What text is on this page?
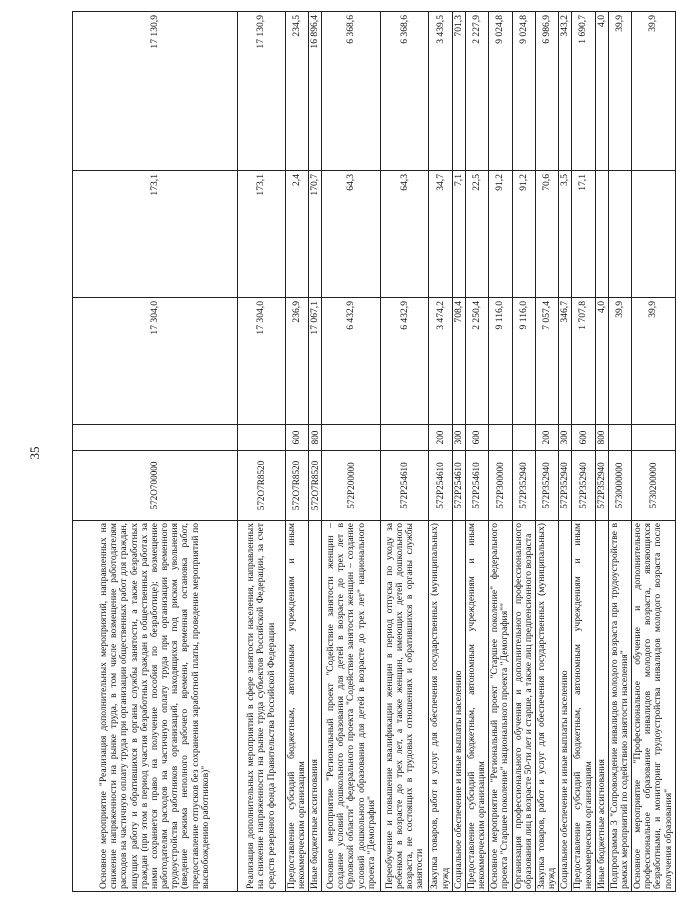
35
Основное мероприятие "Реализация дополнительных мероприятий, направленных на снижение напряженности на рынке труда, в том числе возмещение работодателям расходов на частичную оплату труда при организации общественных работ для граждан, ищущих работу и обратившихся в органы службы занятости, а также безработных граждан (при этом в период участия безработных граждан в общественных работах за ними сохраняется право на получение пособия по безработице); возмещение работодателям расходов на частичную оплату труда при организации временного трудоустройства работников организаций, находящихся под риском увольнения (введение режима неполного рабочего времени, временная остановка работ, предоставление отпусков без сохранения заработной платы, проведение мероприятий по высвобождению работников)"	572О700000		17 304,0	173,1	17 130,9
Реализация дополнительных мероприятий в сфере занятости населения, направленных на снижение напряженности на рынке труда субъектов Российской Федерации, за счет средств резервного фонда Правительства Российской Федерации	572О7R8520		17 304,0	173,1	17 130,9
Предоставление субсидий бюджетным, автономным учреждениям и иным некоммерческим организациям	572О7R8520	600	236,9	2,4	234,5
Иные бюджетные ассигнования	572О7R8520	800	17 067,1	170,7	16 896,4
Основное мероприятие "Региональный проект "Содействие занятости женщин – создание условий дошкольного образования для детей в возрасте до трех лет в Орловской области" федерального проекта "Содействие занятости женщин – создание условий дошкольного образования для детей в возрасте до трех лет" национального проекта "Демография"	572Р200000		6 432,9	64,3	6 368,6
Переобучение и повышение квалификации женщин в период отпуска по уходу за ребенком в возрасте до трех лет, а также женщин, имеющих детей дошкольного возраста, не состоящих в трудовых отношениях и обратившихся в органы службы занятости	572Р254610		6 432,9	64,3	6 368,6
Закупка товаров, работ и услуг для обеспечения государственных (муниципальных) нужд	572Р254610	200	3 474,2	34,7	3 439,5
Социальное обеспечение и иные выплаты населению	572Р254610	300	708,4	7,1	701,3
Предоставление субсидий бюджетным, автономным учреждениям и иным некоммерческим организациям	572Р254610	600	2 250,4	22,5	2 227,9
Основное мероприятие "Региональный проект "Старшее поколение" федерального проекта "Старшее поколение" национального проекта "Демография""	572Р300000		9 116,0	91,2	9 024,8
Организация профессионального обучения и дополнительного профессионального образования лиц в возрасте 50-ти лет и старше, а также лиц предпенсионного возраста	572Р352940		9 116,0	91,2	9 024,8
Закупка товаров, работ и услуг для обеспечения государственных (муниципальных) нужд	572Р352940	200	7 057,4	70,6	6 986,9
Социальное обеспечение и иные выплаты населению	572Р352940	300	346,7	3,5	343,2
Предоставление субсидий бюджетным, автономным учреждениям и иным некоммерческим организациям	572Р352940	600	1 707,8	17,1	1 690,7
Иные бюджетные ассигнования	572Р352940	800	4,0		4,0
Подпрограмма 3 "Сопровождение инвалидов молодого возраста при трудоустройстве в рамках мероприятий по содействию занятости населения"	5730000000		39,9		39,9
Основное мероприятие "Профессиональное обучение и дополнительное профессиональное образование инвалидов молодого возраста, являющихся безработными, и мониторинг трудоустройства инвалидов молодого возраста после получения образования"	5730200000		39,9		39,9
